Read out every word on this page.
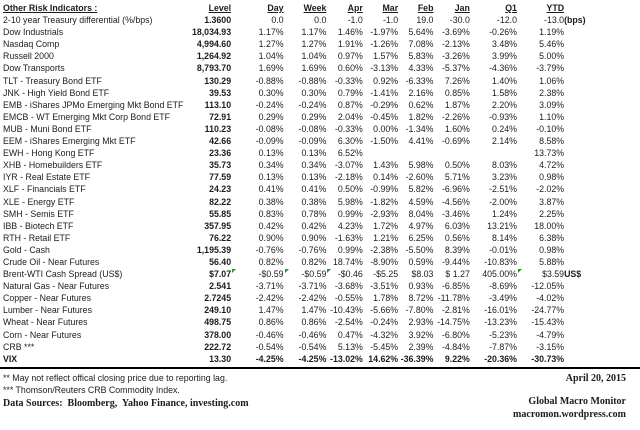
Other Risk Indicators :	Level	Day	Week	Apr	Mar	Feb	Jan	Q1	YTD	
2-10 year Treasury differential (%/bps)	1.3600	0.0	0.0	-1.0	-1.0	19.0	-30.0	-12.0	-13.0	(bps)
Dow Industrials	18,034.93	1.17%	1.17%	1.46%	-1.97%	5.64%	-3.69%	-0.26%	1.19%	
Nasdaq Comp	4,994.60	1.27%	1.27%	1.91%	-1.26%	7.08%	-2.13%	3.48%	5.46%	
Russell 2000	1,264.92	1.04%	1.04%	0.97%	1.57%	5.83%	-3.26%	3.99%	5.00%	
Dow Transports	8,793.70	1.69%	1.69%	0.60%	-3.13%	4.33%	-5.37%	-4.36%	-3.79%	
TLT - Treasury Bond ETF	130.29	-0.88%	-0.88%	-0.33%	0.92%	-6.33%	7.26%	1.40%	1.06%	
JNK - High Yield Bond ETF	39.53	0.30%	0.30%	0.79%	-1.41%	2.16%	0.85%	1.58%	2.38%	
EMB - iShares JPMo Emerging Mkt Bond ETF	113.10	-0.24%	-0.24%	0.87%	-0.29%	0.62%	1.87%	2.20%	3.09%	
EMCB - WT Emerging Mkt Corp Bond ETF	72.91	0.29%	0.29%	2.04%	-0.45%	1.82%	-2.26%	-0.93%	1.10%	
MUB - Muni Bond ETF	110.23	-0.08%	-0.08%	-0.33%	0.00%	-1.34%	1.60%	0.24%	-0.10%	
EEM - iShares Emerging Mkt ETF	42.66	-0.09%	-0.09%	6.30%	-1.50%	4.41%	-0.69%	2.14%	8.58%	
EWH - Hong Kong ETF	23.36	0.13%	0.13%	6.52%					13.73%	
XHB - Homebuilders ETF	35.73	0.34%	0.34%	-3.07%	1.43%	5.98%	0.50%	8.03%	4.72%	
IYR - Real Estate ETF	77.59	0.13%	0.13%	-2.18%	0.14%	-2.60%	5.71%	3.23%	0.98%	
XLF - Financials ETF	24.23	0.41%	0.41%	0.50%	-0.99%	5.82%	-6.96%	-2.51%	-2.02%	
XLE - Energy ETF	82.22	0.38%	0.38%	5.98%	-1.82%	4.59%	-4.56%	-2.00%	3.87%	
SMH - Semis ETF	55.85	0.83%	0.78%	0.99%	-2.93%	8.04%	-3.46%	1.24%	2.25%	
IBB - Biotech ETF	357.95	0.42%	0.42%	4.23%	1.72%	4.97%	6.03%	13.21%	18.00%	
RTH - Retail ETF	76.22	0.90%	0.90%	-1.63%	1.21%	6.25%	0.56%	8.14%	6.38%	
Gold - Cash	1,195.39	-0.76%	-0.76%	0.99%	-2.38%	-5.50%	8.39%	-0.01%	0.98%	
Crude Oil - Near Futures	56.40	0.82%	0.82%	18.74%	-8.90%	0.59%	-9.44%	-10.83%	5.88%	
Brent-WTI Cash Spread (US$)	$7.07	-$0.59	-$0.59	-$0.46	-$5.25	$8.03	$ 1.27	405.00%	$3.59	US$
Natural Gas - Near Futures	2.541	-3.71%	-3.71%	-3.68%	-3.51%	0.93%	-6.85%	-8.69%	-12.05%	
Copper - Near Futures	2.7245	-2.42%	-2.42%	-0.55%	1.78%	8.72%	-11.78%	-3.49%	-4.02%	
Lumber - Near Futures	249.10	1.47%	1.47%	-10.43%	-5.66%	-7.80%	-2.81%	-16.01%	-24.77%	
Wheat - Near Futures	498.75	0.86%	0.86%	-2.54%	-0.24%	2.93%	-14.75%	-13.23%	-15.43%	
Corn - Near Futures	378.00	-0.46%	-0.46%	0.47%	-4.32%	3.92%	-6.80%	-5.23%	-4.79%	
CRB ***	222.72	-0.54%	-0.54%	5.13%	-5.45%	2.39%	-4.84%	-7.87%	-3.15%	
VIX	13.30	-4.25%	-4.25%	-13.02%	14.62%	-36.39%	9.22%	-20.36%	-30.73%	
** May not reflect offical closing price due to reporting lag.
*** Thomson/Reuters CRB Commodity Index.
Data Sources:  Bloomberg,  Yahoo Finance, investing.com
April 20, 2015
Global Macro Monitor
macromon.wordpress.com
